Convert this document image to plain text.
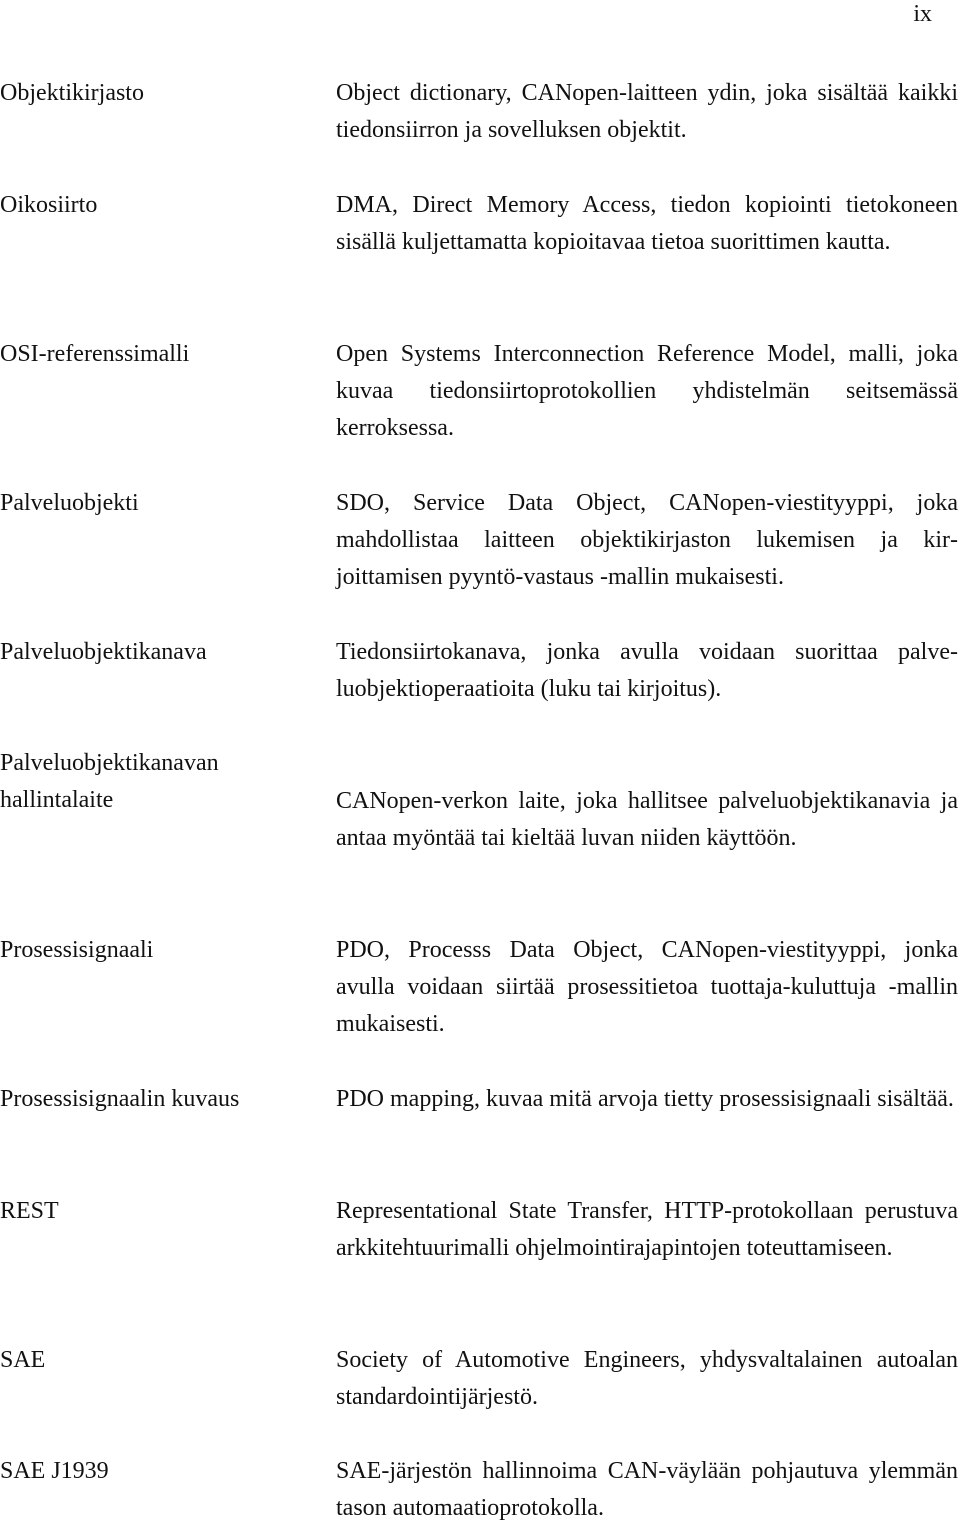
ix
Objektikirjasto	Object dictionary, CANopen-laitteen ydin, joka sisältää kaikki tiedonsiirron ja sovelluksen objektit.
Oikosiirto	DMA, Direct Memory Access, tiedon kopiointi tietokoneen sisällä kuljettamatta kopioitavaa tietoa suorittimen kautta.
OSI-referenssimalli	Open Systems Interconnection Reference Model, malli, joka kuvaa tiedonsiirtoprotokollien yhdistelmän seitsemässä kerroksessa.
Palveluobjekti	SDO, Service Data Object, CANopen-viestityyppi, joka mahdollistaa laitteen objektikirjaston lukemisen ja kirjoittamisen pyyntö-vastaus -mallin mukaisesti.
Palveluobjektikanava	Tiedonsiirtokanava, jonka avulla voidaan suorittaa palveluobjektioperaatioita (luku tai kirjoitus).
Palveluobjektikanavan
hallintalaite	CANopen-verkon laite, joka hallitsee palveluobjektikanavia ja antaa myöntää tai kieltää luvan niiden käyttöön.
Prosessisignaali	PDO, Processs Data Object, CANopen-viestityyppi, jonka avulla voidaan siirtää prosessitietoa tuottaja-kuluttuja -mallin mukaisesti.
Prosessisignaalin kuvaus	PDO mapping, kuvaa mitä arvoja tietty prosessisignaali sisältää.
REST	Representational State Transfer, HTTP-protokollaan perustuva arkkitehtuurimalli ohjelmointirajapintojen toteuttamiseen.
SAE	Society of Automotive Engineers, yhdysvaltalainen autoalan standardointijärjestö.
SAE J1939	SAE-järjestön hallinnoima CAN-väylään pohjautuva ylemmän tason automaatioprotokolla.
